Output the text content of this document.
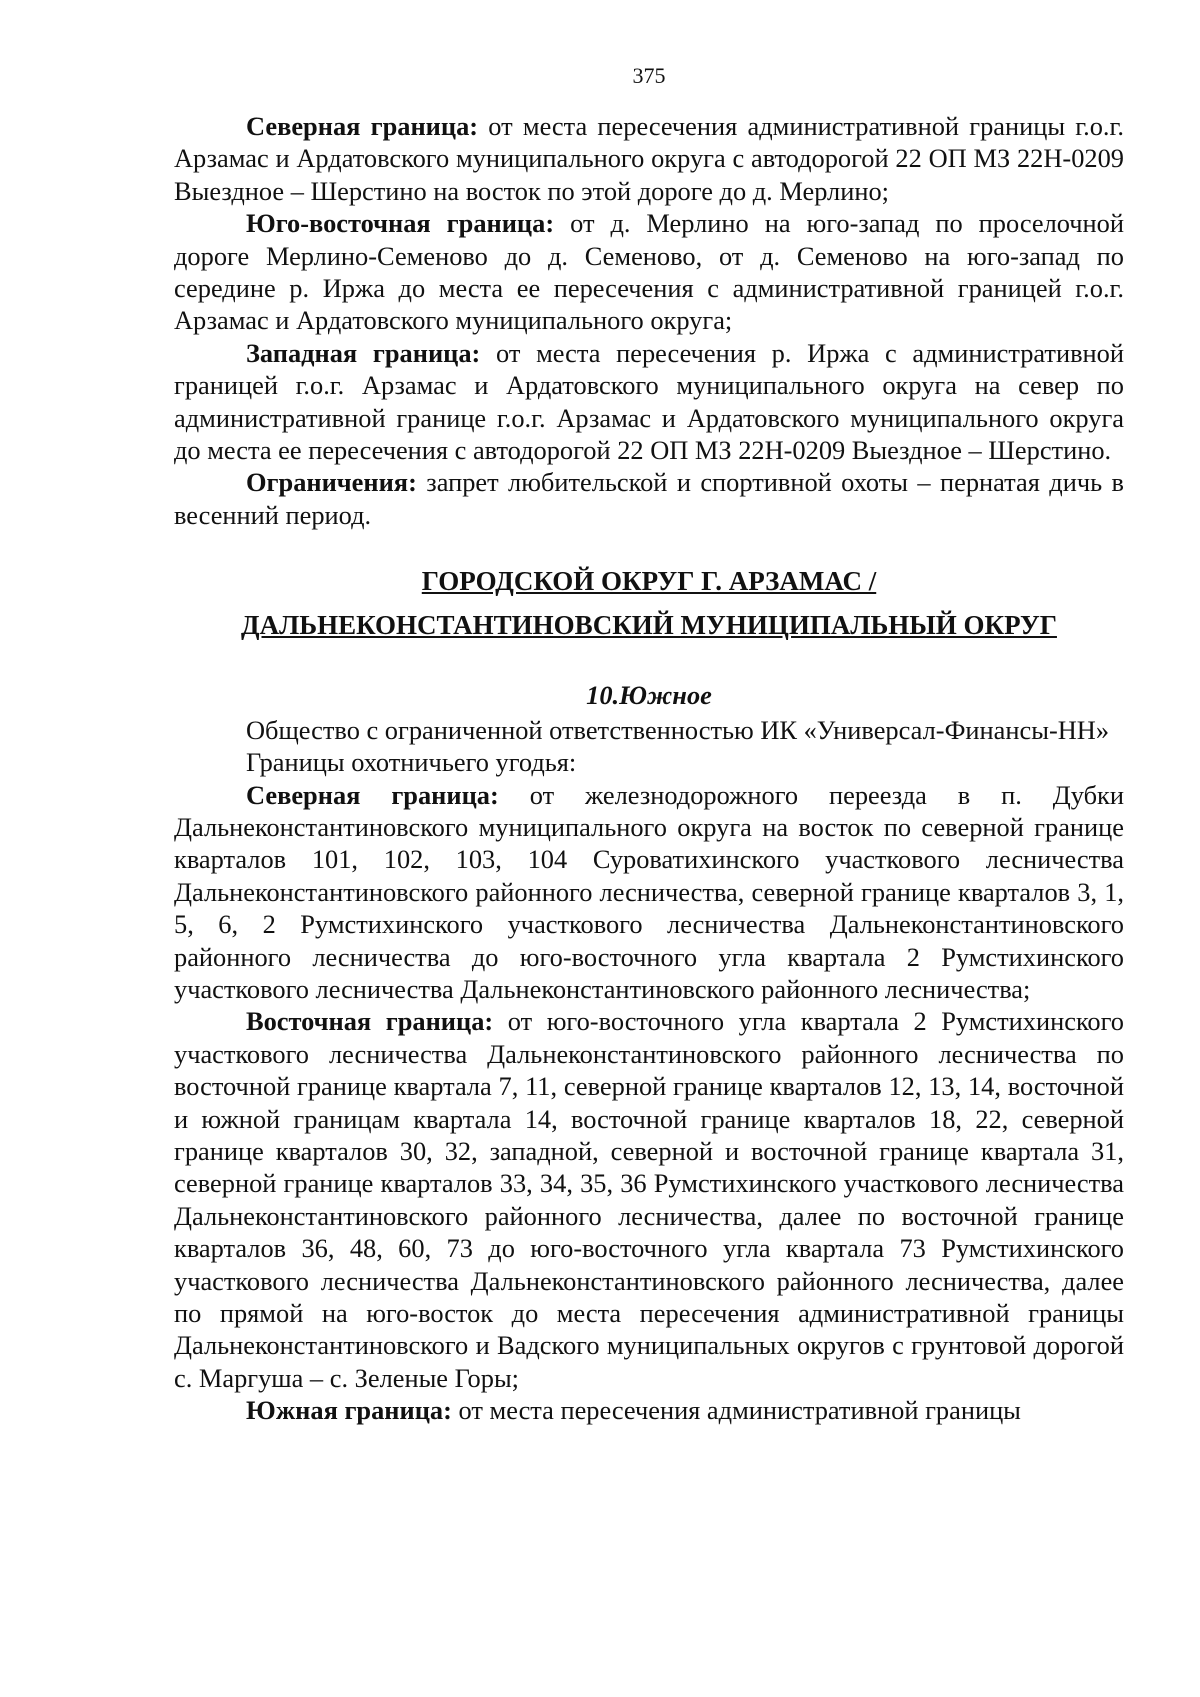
375

Северная граница: от места пересечения административной границы г.о.г. Арзамас и Ардатовского муниципального округа с автодорогой 22 ОП МЗ 22Н-0209 Выездное – Шерстино на восток по этой дороге до д. Мерлино;

Юго-восточная граница: от д. Мерлино на юго-запад по проселочной дороге Мерлино-Семеново до д. Семеново, от д. Семеново на юго-запад по середине р. Иржа до места ее пересечения с административной границей г.о.г. Арзамас и Ардатовского муниципального округа;

Западная граница: от места пересечения р. Иржа с административной границей г.о.г. Арзамас и Ардатовского муниципального округа на север по административной границе г.о.г. Арзамас и Ардатовского муниципального округа до места ее пересечения с автодорогой 22 ОП МЗ 22Н-0209 Выездное – Шерстино.

Ограничения: запрет любительской и спортивной охоты – пернатая дичь в весенний период.

ГОРОДСКОЙ ОКРУГ Г. АРЗАМАС /
ДАЛЬНЕКОНСТАНТИНОВСКИЙ МУНИЦИПАЛЬНЫЙ ОКРУГ
10.Южное

Общество с ограниченной ответственностью ИК «Универсал-Финансы-НН»

Границы охотничьего угодья:

Северная граница: от железнодорожного переезда в п. Дубки Дальнеконстантиновского муниципального округа на восток по северной границе кварталов 101, 102, 103, 104 Суроватихинского участкового лесничества Дальнеконстантиновского районного лесничества, северной границе кварталов 3, 1, 5, 6, 2 Румстихинского участкового лесничества Дальнеконстантиновского районного лесничества до юго-восточного угла квартала 2 Румстихинского участкового лесничества Дальнеконстантиновского районного лесничества;

Восточная граница: от юго-восточного угла квартала 2 Румстихинского участкового лесничества Дальнеконстантиновского районного лесничества по восточной границе квартала 7, 11, северной границе кварталов 12, 13, 14, восточной и южной границам квартала 14, восточной границе кварталов 18, 22, северной границе кварталов 30, 32, западной, северной и восточной границе квартала 31, северной границе кварталов 33, 34, 35, 36 Румстихинского участкового лесничества Дальнеконстантиновского районного лесничества, далее по восточной границе кварталов 36, 48, 60, 73 до юго-восточного угла квартала 73 Румстихинского участкового лесничества Дальнеконстантиновского районного лесничества, далее по прямой на юго-восток до места пересечения административной границы Дальнеконстантиновского и Вадского муниципальных округов с грунтовой дорогой с. Маргуша – с. Зеленые Горы;

Южная граница: от места пересечения административной границы
